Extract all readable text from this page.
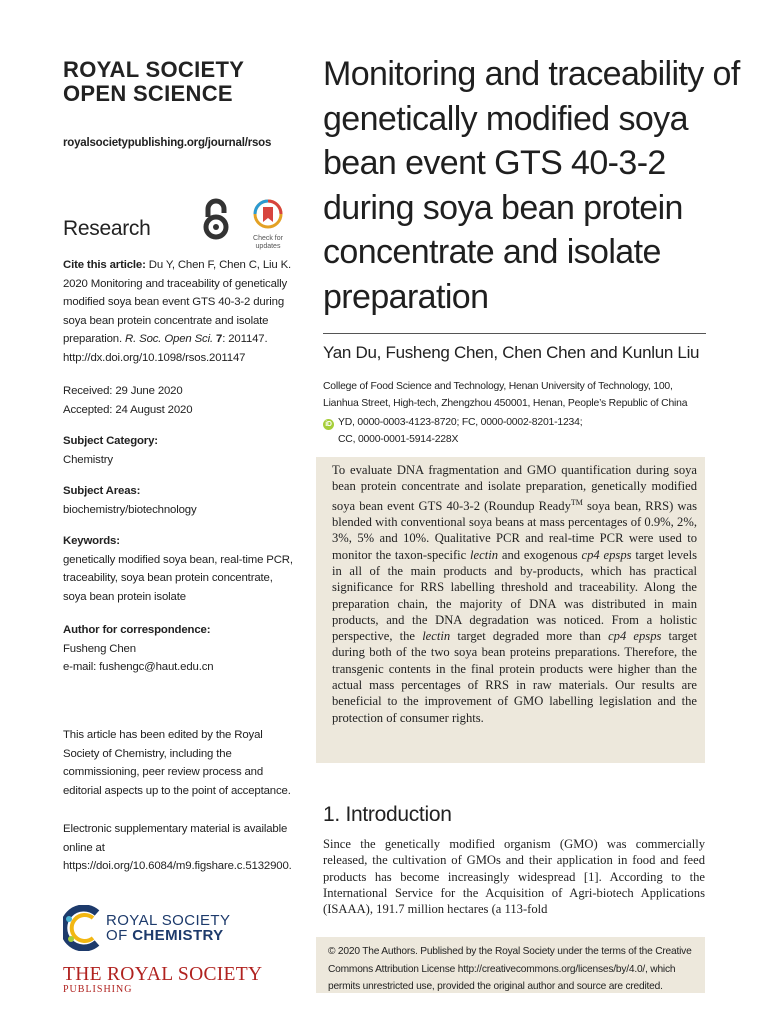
ROYAL SOCIETY
OPEN SCIENCE
royalsocietypublishing.org/journal/rsos
Research	Check for updates

Cite this article: Du Y, Chen F, Chen C, Liu K. 2020 Monitoring and traceability of genetically modified soya bean event GTS 40-3-2 during soya bean protein concentrate and isolate preparation. R. Soc. Open Sci. 7: 201147. http://dx.doi.org/10.1098/rsos.201147

Received: 29 June 2020

Accepted: 24 August 2020

Subject Category:

Chemistry

Subject Areas:

biochemistry/biotechnology

Keywords:

genetically modified soya bean, real-time PCR, traceability, soya bean protein concentrate, soya bean protein isolate

Author for correspondence:

Fusheng Chen

e-mail: fushengc@haut.edu.cn

This article has been edited by the Royal Society of Chemistry, including the commissioning, peer review process and editorial aspects up to the point of acceptance.

Electronic supplementary material is available online at https://doi.org/10.6084/m9.figshare.c.5132900.

ROYAL SOCIETY
OF CHEMISTRY
THE ROYAL SOCIETY
PUBLISHING
Monitoring and traceability of genetically modified soya bean event GTS 40-3-2 during soya bean protein concentrate and isolate preparation
Yan Du, Fusheng Chen, Chen Chen and Kunlun Liu
College of Food Science and Technology, Henan University of Technology, 100, Lianhua Street, High-tech, Zhengzhou 450001, Henan, People’s Republic of China
iD YD, 0000-0003-4123-8720; FC, 0000-0002-8201-1234;
CC, 0000-0001-5914-228X
To evaluate DNA fragmentation and GMO quantification during soya bean protein concentrate and isolate preparation, genetically modified soya bean event GTS 40-3-2 (Roundup Ready™ soya bean, RRS) was blended with conventional soya beans at mass percentages of 0.9%, 2%, 3%, 5% and 10%. Qualitative PCR and real-time PCR were used to monitor the taxon-specific lectin and exogenous cp4 epsps target levels in all of the main products and by-products, which has practical significance for RRS labelling threshold and traceability. Along the preparation chain, the majority of DNA was distributed in main products, and the DNA degradation was noticed. From a holistic perspective, the lectin target degraded more than cp4 epsps target during both of the two soya bean proteins preparations. Therefore, the transgenic contents in the final protein products were higher than the actual mass percentages of RRS in raw materials. Our results are beneficial to the improvement of GMO labelling legislation and the protection of consumer rights.
1. Introduction
Since the genetically modified organism (GMO) was commercially released, the cultivation of GMOs and their application in food and feed products has become increasingly widespread [1]. According to the International Service for the Acquisition of Agri-biotech Applications (ISAAA), 191.7 million hectares (a 113-fold
© 2020 The Authors. Published by the Royal Society under the terms of the Creative Commons Attribution License http://creativecommons.org/licenses/by/4.0/, which permits unrestricted use, provided the original author and source are credited.
